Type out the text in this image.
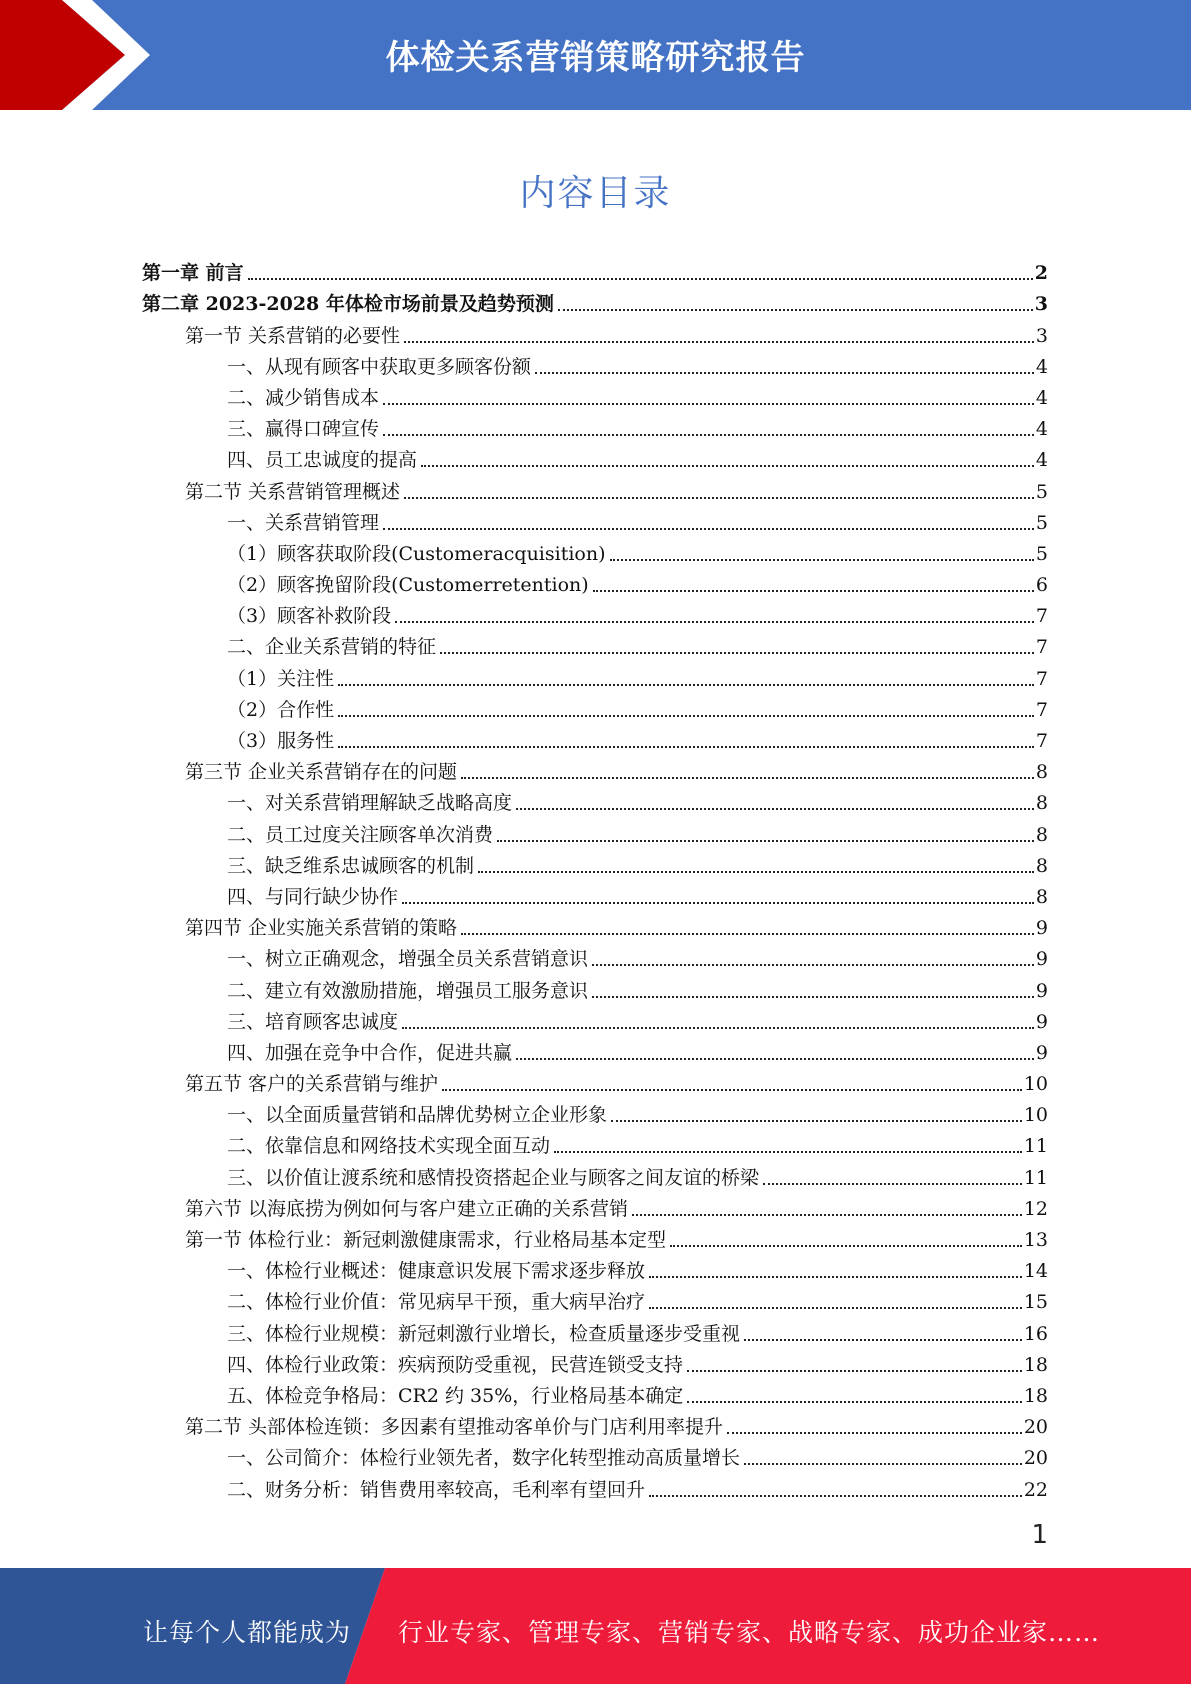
体检关系营销策略研究报告
内容目录
第一章 前言	2
第二章 2023-2028 年体检市场前景及趋势预测	3
第一节 关系营销的必要性	3
一、从现有顾客中获取更多顾客份额	4
二、减少销售成本	4
三、赢得口碑宣传	4
四、员工忠诚度的提高	4
第二节 关系营销管理概述	5
一、关系营销管理	5
（1）顾客获取阶段(Customeracquisition)	5
（2）顾客挽留阶段(Customerretention)	6
（3）顾客补救阶段	7
二、企业关系营销的特征	7
（1）关注性	7
（2）合作性	7
（3）服务性	7
第三节 企业关系营销存在的问题	8
一、对关系营销理解缺乏战略高度	8
二、员工过度关注顾客单次消费	8
三、缺乏维系忠诚顾客的机制	8
四、与同行缺少协作	8
第四节 企业实施关系营销的策略	9
一、树立正确观念，增强全员关系营销意识	9
二、建立有效激励措施，增强员工服务意识	9
三、培育顾客忠诚度	9
四、加强在竞争中合作，促进共赢	9
第五节 客户的关系营销与维护	10
一、以全面质量营销和品牌优势树立企业形象	10
二、依靠信息和网络技术实现全面互动	11
三、以价值让渡系统和感情投资搭起企业与顾客之间友谊的桥梁	11
第六节 以海底捞为例如何与客户建立正确的关系营销	12
第一节 体检行业：新冠刺激健康需求，行业格局基本定型	13
一、体检行业概述：健康意识发展下需求逐步释放	14
二、体检行业价值：常见病早干预，重大病早治疗	15
三、体检行业规模：新冠刺激行业增长，检查质量逐步受重视	16
四、体检行业政策：疾病预防受重视，民营连锁受支持	18
五、体检竞争格局：CR2 约 35%，行业格局基本确定	18
第二节 头部体检连锁：多因素有望推动客单价与门店利用率提升	20
一、公司简介：体检行业领先者，数字化转型推动高质量增长	20
二、财务分析：销售费用率较高，毛利率有望回升	22
1
让每个人都能成为 行业专家、管理专家、营销专家、战略专家、成功企业家……
